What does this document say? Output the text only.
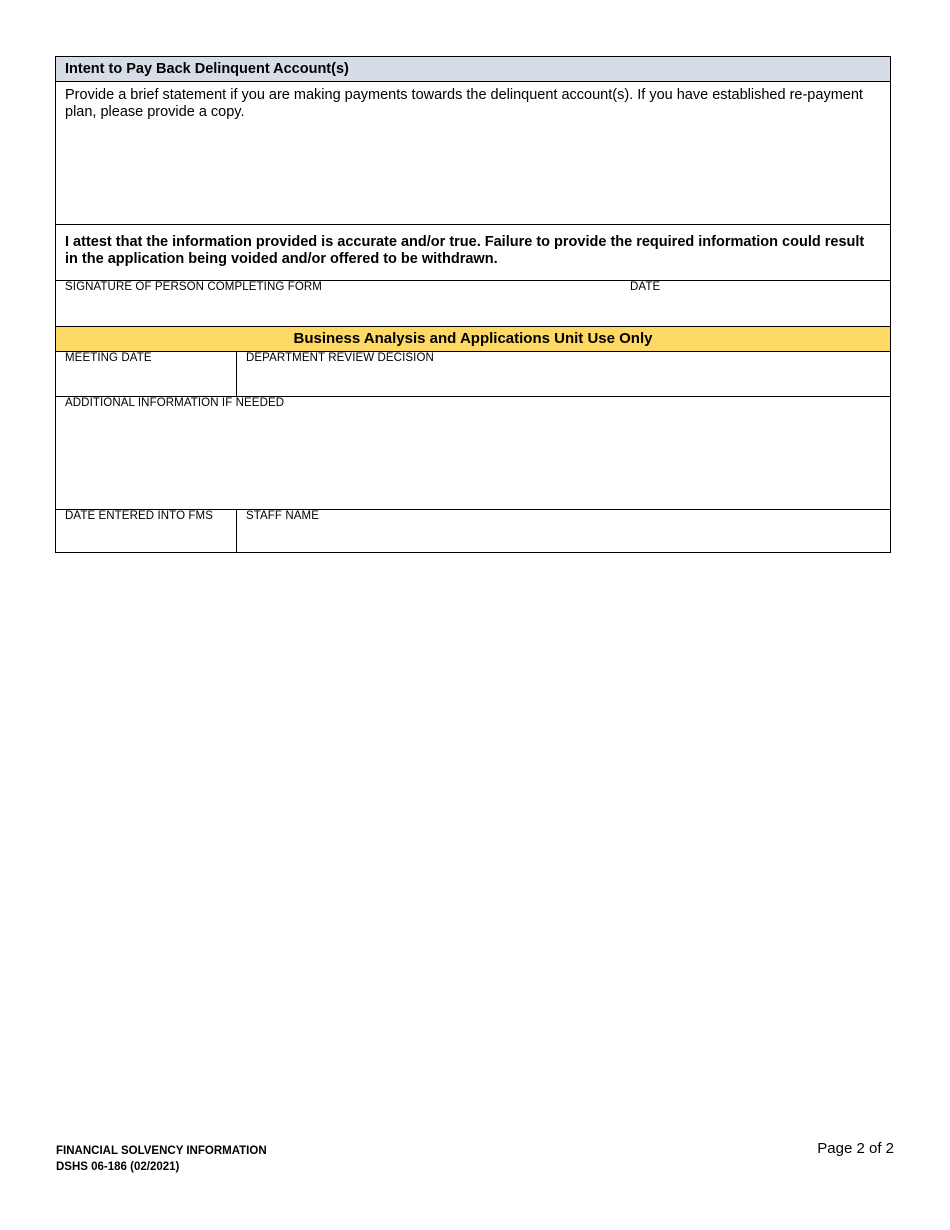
Intent to Pay Back Delinquent Account(s)
Provide a brief statement if you are making payments towards the delinquent account(s). If you have established re-payment plan, please provide a copy.
I attest that the information provided is accurate and/or true. Failure to provide the required information could result in the application being voided and/or offered to be withdrawn.
SIGNATURE OF PERSON COMPLETING FORM	DATE
Business Analysis and Applications Unit Use Only
MEETING DATE	DEPARTMENT REVIEW DECISION
ADDITIONAL INFORMATION IF NEEDED
DATE ENTERED INTO FMS	STAFF NAME
FINANCIAL SOLVENCY INFORMATION
DSHS 06-186 (02/2021)
Page 2 of 2
